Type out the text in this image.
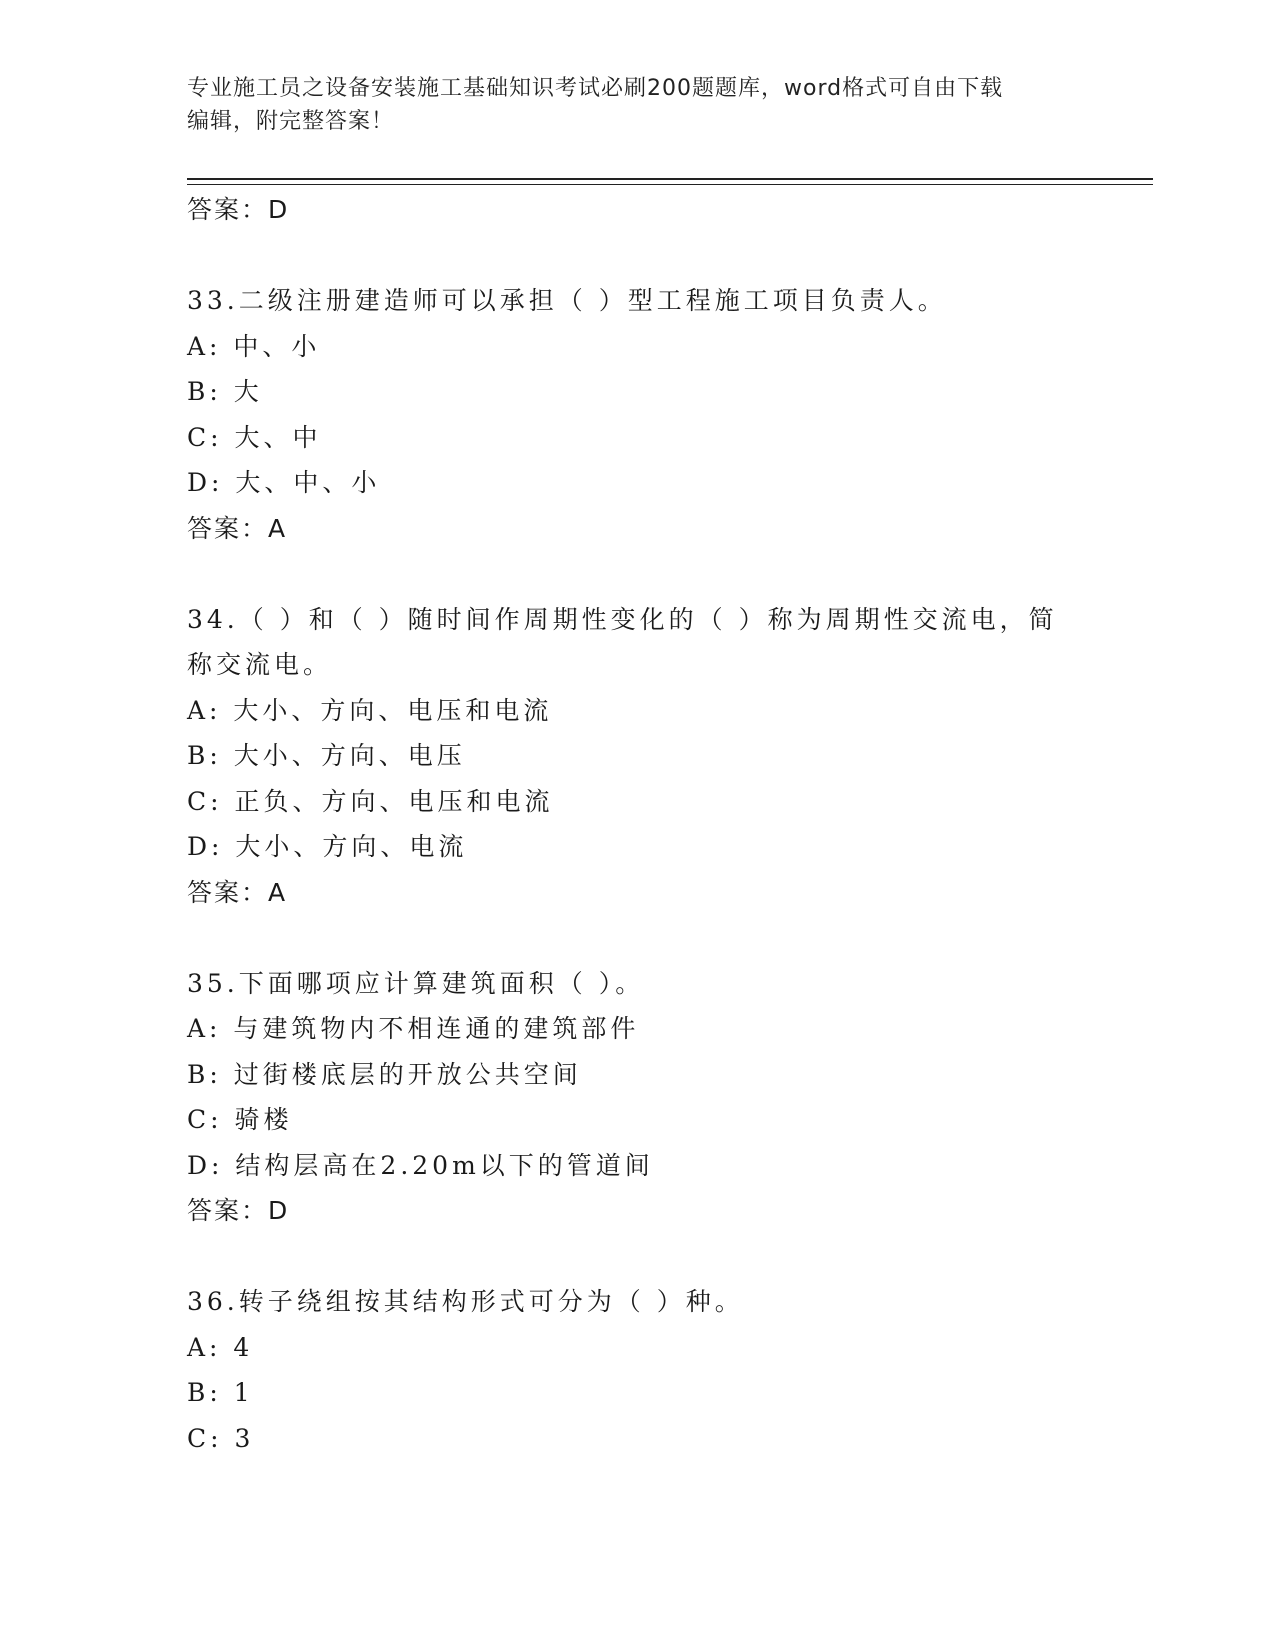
专业施工员之设备安装施工基础知识考试必刷200题题库，word格式可自由下载
编辑，附完整答案！
答案：D
33.二级注册建造师可以承担（ ）型工程施工项目负责人。
A: 中、小
B: 大
C: 大、中
D: 大、中、小
答案：A
34.（ ）和（ ）随时间作周期性变化的（ ）称为周期性交流电，简
称交流电。
A: 大小、方向、电压和电流
B: 大小、方向、电压
C: 正负、方向、电压和电流
D: 大小、方向、电流
答案：A
35.下面哪项应计算建筑面积（ ）。
A: 与建筑物内不相连通的建筑部件
B: 过街楼底层的开放公共空间
C: 骑楼
D: 结构层高在2.20m以下的管道间
答案：D
36.转子绕组按其结构形式可分为（ ）种。
A: 4
B: 1
C: 3
